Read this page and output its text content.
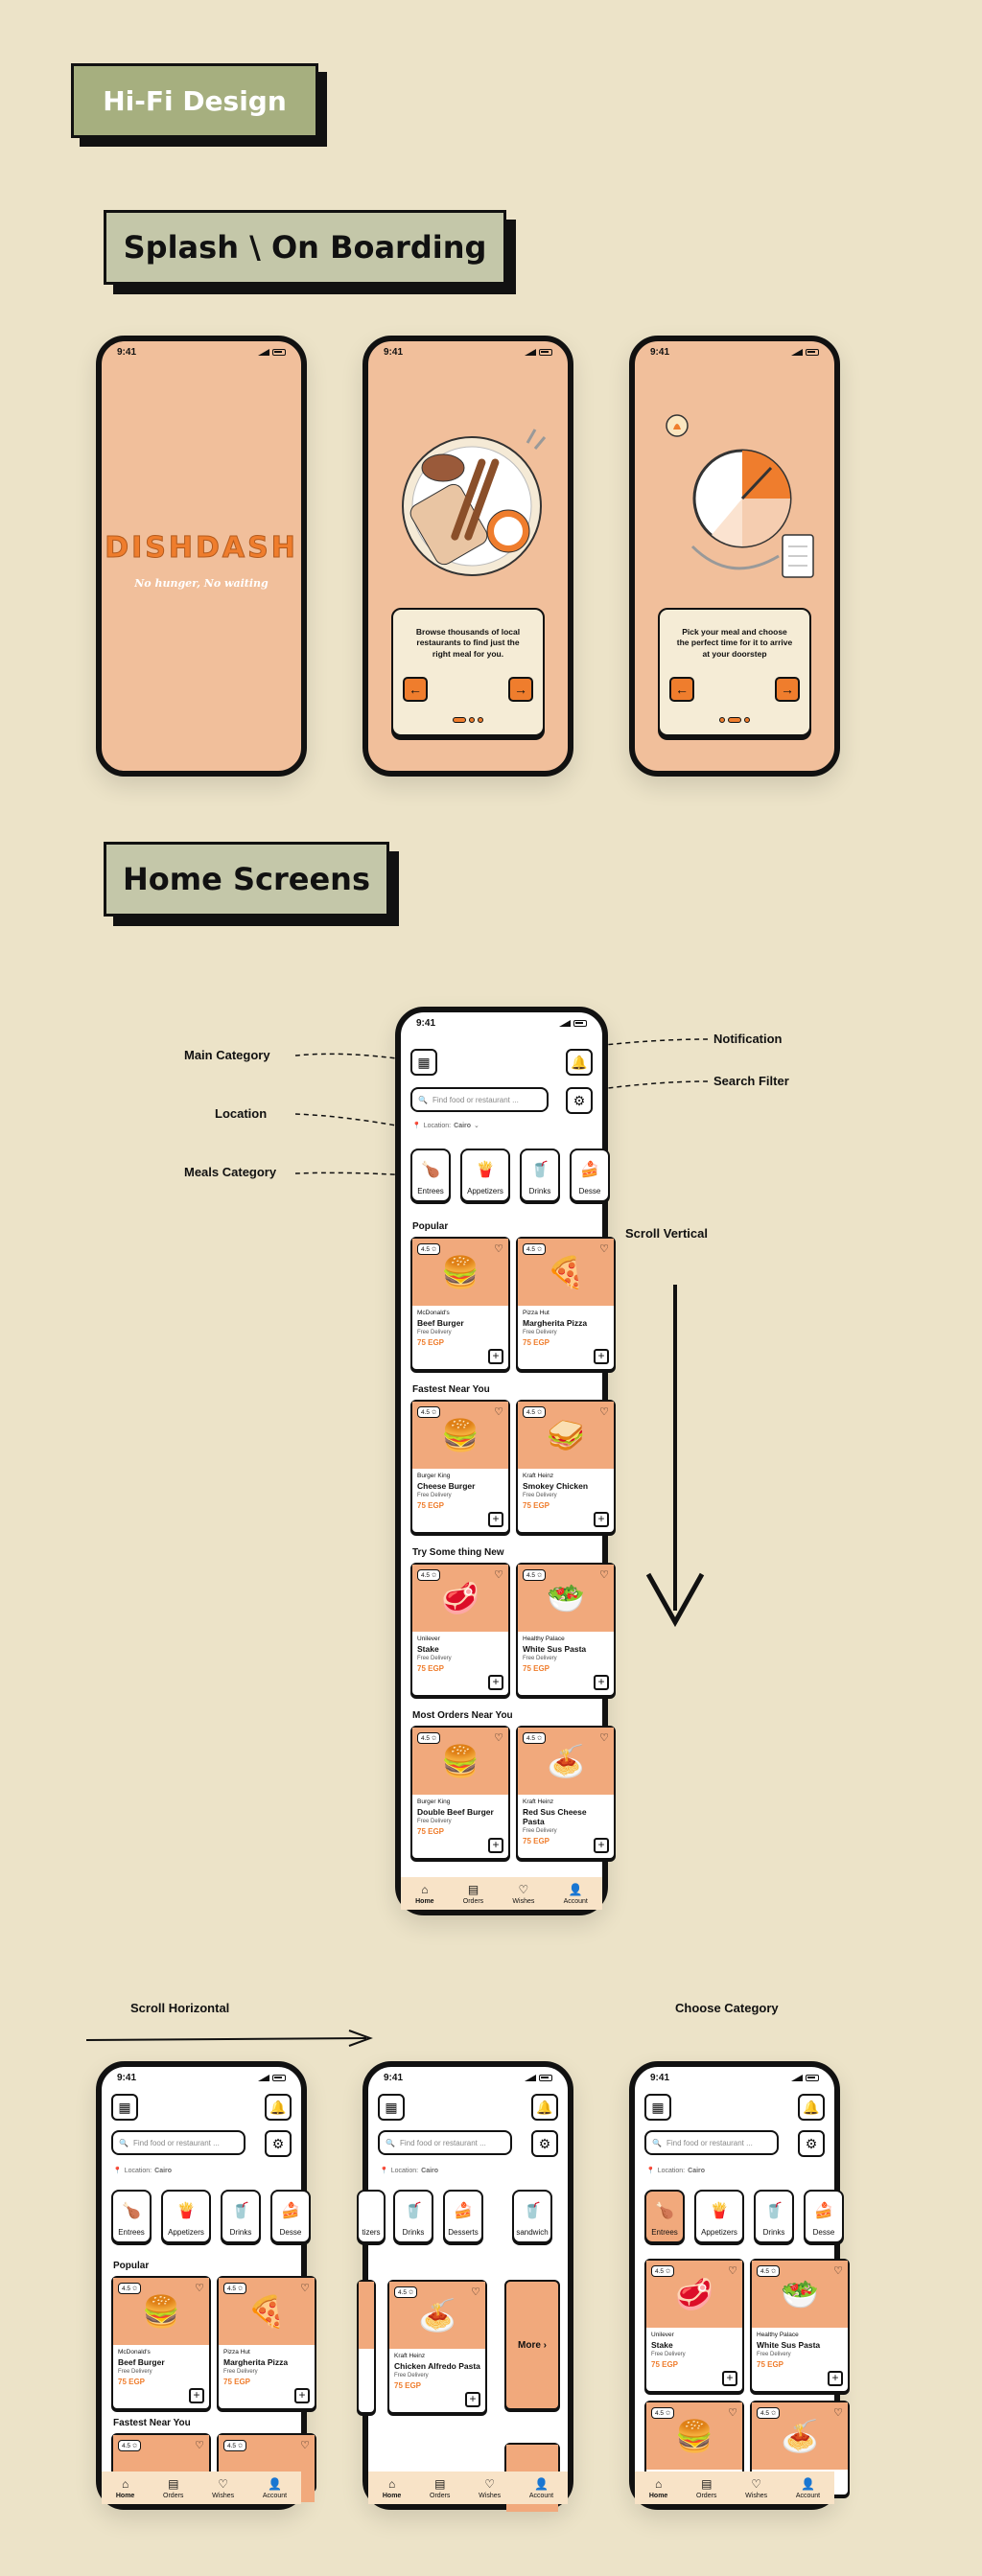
Hi-Fi Design
Splash \ On Boarding
9:41
DISHDASH
No hunger, No waiting
9:41
Browse thousands of local restaurants to find just the right meal for you.
←	→
9:41
Pick your meal and choose the perfect time for it to arrive at your doorstep
←	→
Home Screens
Main Category
Location
Meals Category
Notification
Search Filter
Scroll Vertical
Scroll Horizontal	Choose Category
9:41
▦	🔔
🔍 Find food or restaurant ...	⚙
📍 Location: Cairo ⌄
🍗
Entrees
🍟
Appetizers
🥤
Drinks
🍰
Desse
Popular
4.5 ✩	♡
🍔
McDonald's
Beef Burger
Free Delivery
75 EGP
+
4.5 ✩	♡
🍕
Pizza Hut
Margherita Pizza
Free Delivery
75 EGP
+
Fastest Near You
4.5 ✩	♡
🍔
Burger King
Cheese Burger
Free Delivery
75 EGP
+
4.5 ✩	♡
🥪
Kraft Heinz
Smokey Chicken
Free Delivery
75 EGP
+
Try Some thing New
4.5 ✩	♡
🥩
Unilever
Stake
Free Delivery
75 EGP
+
4.5 ✩	♡
🥗
Healthy Palace
White Sus Pasta
Free Delivery
75 EGP
+
Most Orders Near You
4.5 ✩	♡
🍔
Burger King
Double Beef Burger
Free Delivery
75 EGP
+
4.5 ✩	♡
🍝
Kraft Heinz
Red Sus Cheese Pasta
Free Delivery
75 EGP	+
⌂
Home
▤
Orders
♡
Wishes
👤
Account
9:41
▦	🔔
🔍 Find food or restaurant ...	⚙
📍 Location: Cairo
🍗
Entrees
🍟
Appetizers
🥤
Drinks
🍰
Desse
Popular
4.5 ✩	♡
🍔
McDonald's
Beef Burger
Free Delivery
75 EGP
+
4.5 ✩	♡
🍕
Pizza Hut
Margherita Pizza
Free Delivery
75 EGP
+
Fastest Near You
4.5 ✩	♡	4.5 ✩	♡
⌂
Home
▤
Orders
♡
Wishes
👤
Account
9:41
▦	🔔
🔍 Find food or restaurant ...	⚙
📍 Location: Cairo
tizers
🥤
Drinks
🍰
Desserts
🥤
sandwich
4.5 ✩	♡
🍝
Kraft Heinz
Chicken Alfredo Pasta
Free Delivery
75 EGP
+
More ›
⌂
Home
▤
Orders
♡
Wishes
👤
Account
9:41
▦	🔔
🔍 Find food or restaurant ...	⚙
📍 Location: Cairo
🍗
Entrees
🍟
Appetizers
🥤
Drinks
🍰
Desse
4.5 ✩	♡
🥩
Unilever
Stake
Free Delivery
75 EGP
+
4.5 ✩	♡
🥗
Healthy Palace
White Sus Pasta
Free Delivery
75 EGP
+
4.5 ✩	♡
🍔
4.5 ✩	♡
🍝
⌂
Home
▤
Orders
♡
Wishes
👤
Account
